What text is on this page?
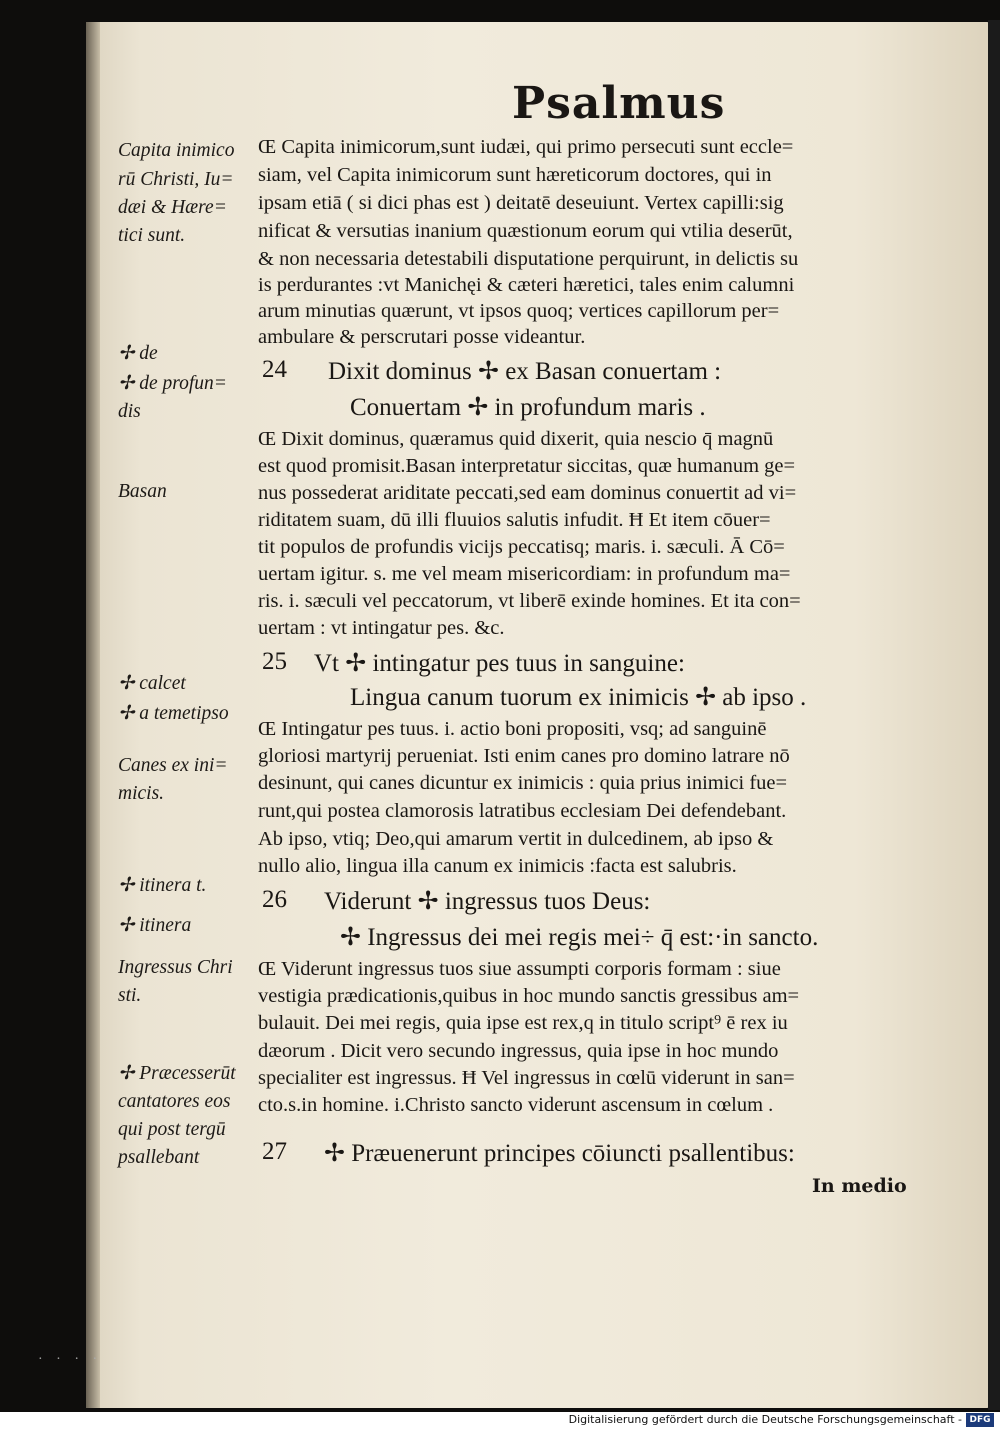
Psalmus
Capita inimico
rū Christi, Iu=
dæi & Hære=
tici sunt.
✢ de
✢ de profun=
dis
Basan
✢ calcet
✢ a temetipso
Canes ex ini=
micis.
✢ itinera t.
✢ itinera
Ingressus Chri
sti.
✢ Præcesserūt
cantatores eos
qui post tergū
psallebant
Œ Capita inimicorum,sunt iudæi, qui primo persecuti sunt eccle=
siam, vel Capita inimicorum sunt hæreticorum doctores, qui in
ipsam etiā ( si dici phas est ) deitatē deseuiunt. Vertex capilli:sig
nificat & versutias inanium quæstionum eorum qui vtilia deserūt,
& non necessaria detestabili disputatione perquirunt, in delictis su
is perdurantes :vt Manichęi & cæteri hæretici, tales enim calumni
arum minutias quærunt, vt ipsos quoq; vertices capillorum per=
ambulare & perscrutari posse videantur.
24 Dixit dominus ✢ ex Basan conuertam :
Conuertam ✢ in profundum maris .
Œ Dixit dominus, quæramus quid dixerit, quia nescio q̄ magnū
est quod promisit.Basan interpretatur siccitas, quæ humanum ge=
nus possederat ariditate peccati,sed eam dominus conuertit ad vi=
riditatem suam, dū illi fluuios salutis infudit. Ħ Et item cōuer=
tit populos de profundis vicijs peccatisq; maris. i. sæculi. Ā Cō=
uertam igitur. s. me vel meam misericordiam: in profundum ma=
ris. i. sæculi vel peccatorum, vt liberē exinde homines. Et ita con=
uertam : vt intingatur pes. &c.
25 Vt ✢ intingatur pes tuus in sanguine:
Lingua canum tuorum ex inimicis ✢ ab ipso .
Œ Intingatur pes tuus. i. actio boni propositi, vsq; ad sanguinē
gloriosi martyrij perueniat. Isti enim canes pro domino latrare nō
desinunt, qui canes dicuntur ex inimicis : quia prius inimici fue=
runt,qui postea clamorosis latratibus ecclesiam Dei defendebant.
Ab ipso, vtiq; Deo,qui amarum vertit in dulcedinem, ab ipso &
nullo alio, lingua illa canum ex inimicis :facta est salubris.
26 Viderunt ✢ ingressus tuos Deus:
✢ Ingressus dei mei regis mei÷ q̄ est:·in sancto.
Œ Viderunt ingressus tuos siue assumpti corporis formam : siue
vestigia prædicationis,quibus in hoc mundo sanctis gressibus am=
bulauit. Dei mei regis, quia ipse est rex,q in titulo script⁹ ē rex iu
dæorum . Dicit vero secundo ingressus, quia ipse in hoc mundo
specialiter est ingressus. Ħ Vel ingressus in cœlū viderunt in san=
cto.s.in homine. i.Christo sancto viderunt ascensum in cœlum .
27 ✢ Præuenerunt principes cōiuncti psallentibus:
In medio
· · · ·
Digitalisierung gefördert durch die Deutsche Forschungsgemeinschaft - DFG
